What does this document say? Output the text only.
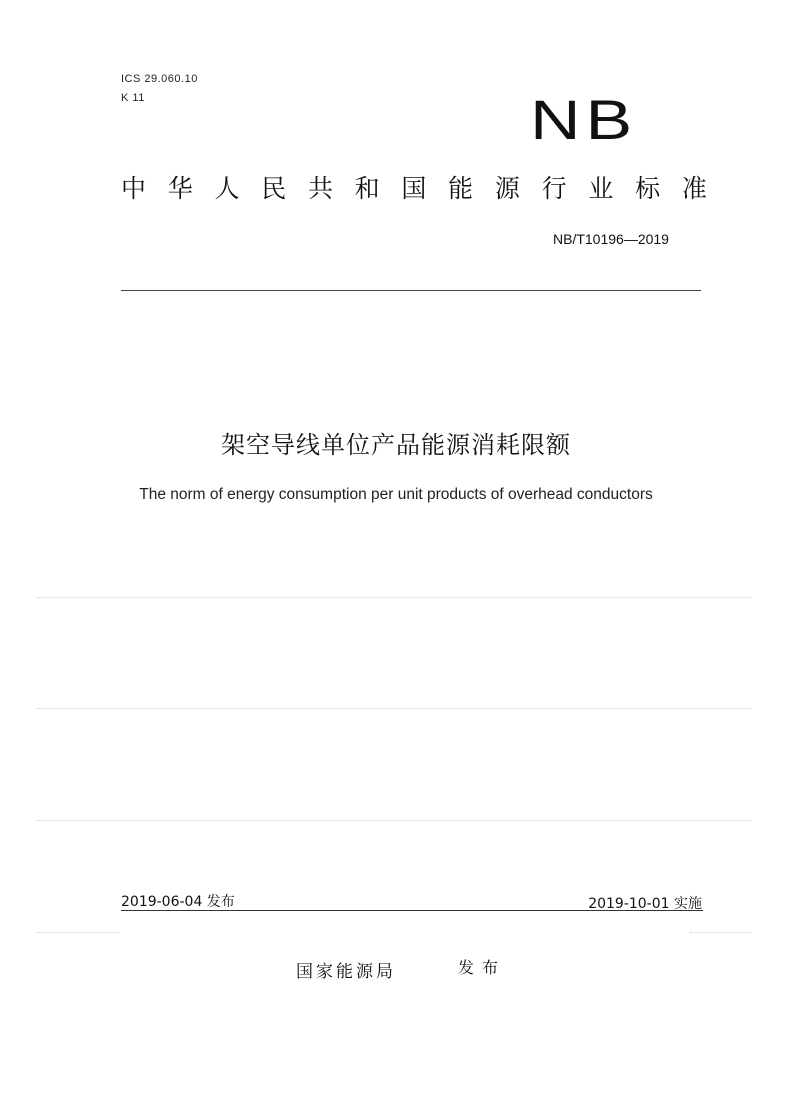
ICS 29.060.10
K 11	NB
中 华 人 民 共 和 国 能 源 行 业 标 准
NB/T10196—2019
架空导线单位产品能源消耗限额
The norm of energy consumption per unit products of overhead conductors
2019-06-04 发布	2019-10-01 实施
国家能源局	发布
